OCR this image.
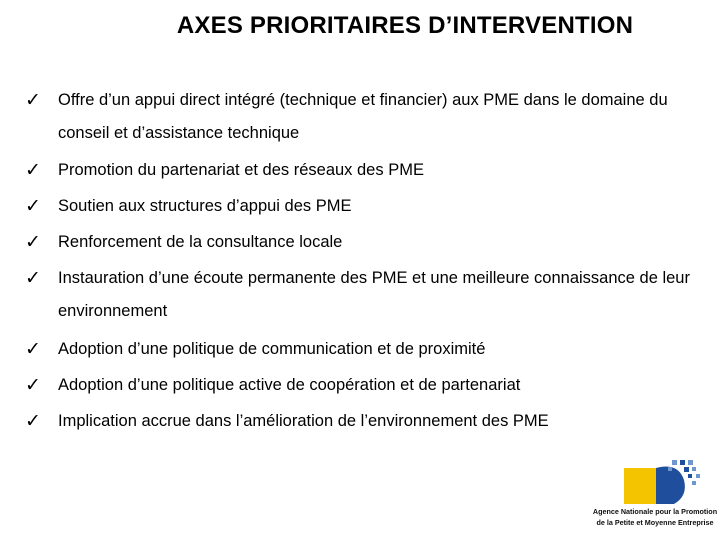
AXES PRIORITAIRES D’INTERVENTION
✓ Offre d’un appui direct intégré (technique et financier) aux PME dans le domaine du conseil et d’assistance technique
✓ Promotion du partenariat et des réseaux des PME
✓ Soutien aux structures d’appui des PME
✓ Renforcement de la consultance locale
✓ Instauration d’une écoute permanente des PME et une meilleure connaissance de leur environnement
✓ Adoption d’une politique de communication et de proximité
✓ Adoption d’une politique active de coopération et de partenariat
✓ Implication accrue dans l’amélioration de l’environnement des PME
Agence Nationale pour la Promotion
de la Petite et Moyenne Entreprise
